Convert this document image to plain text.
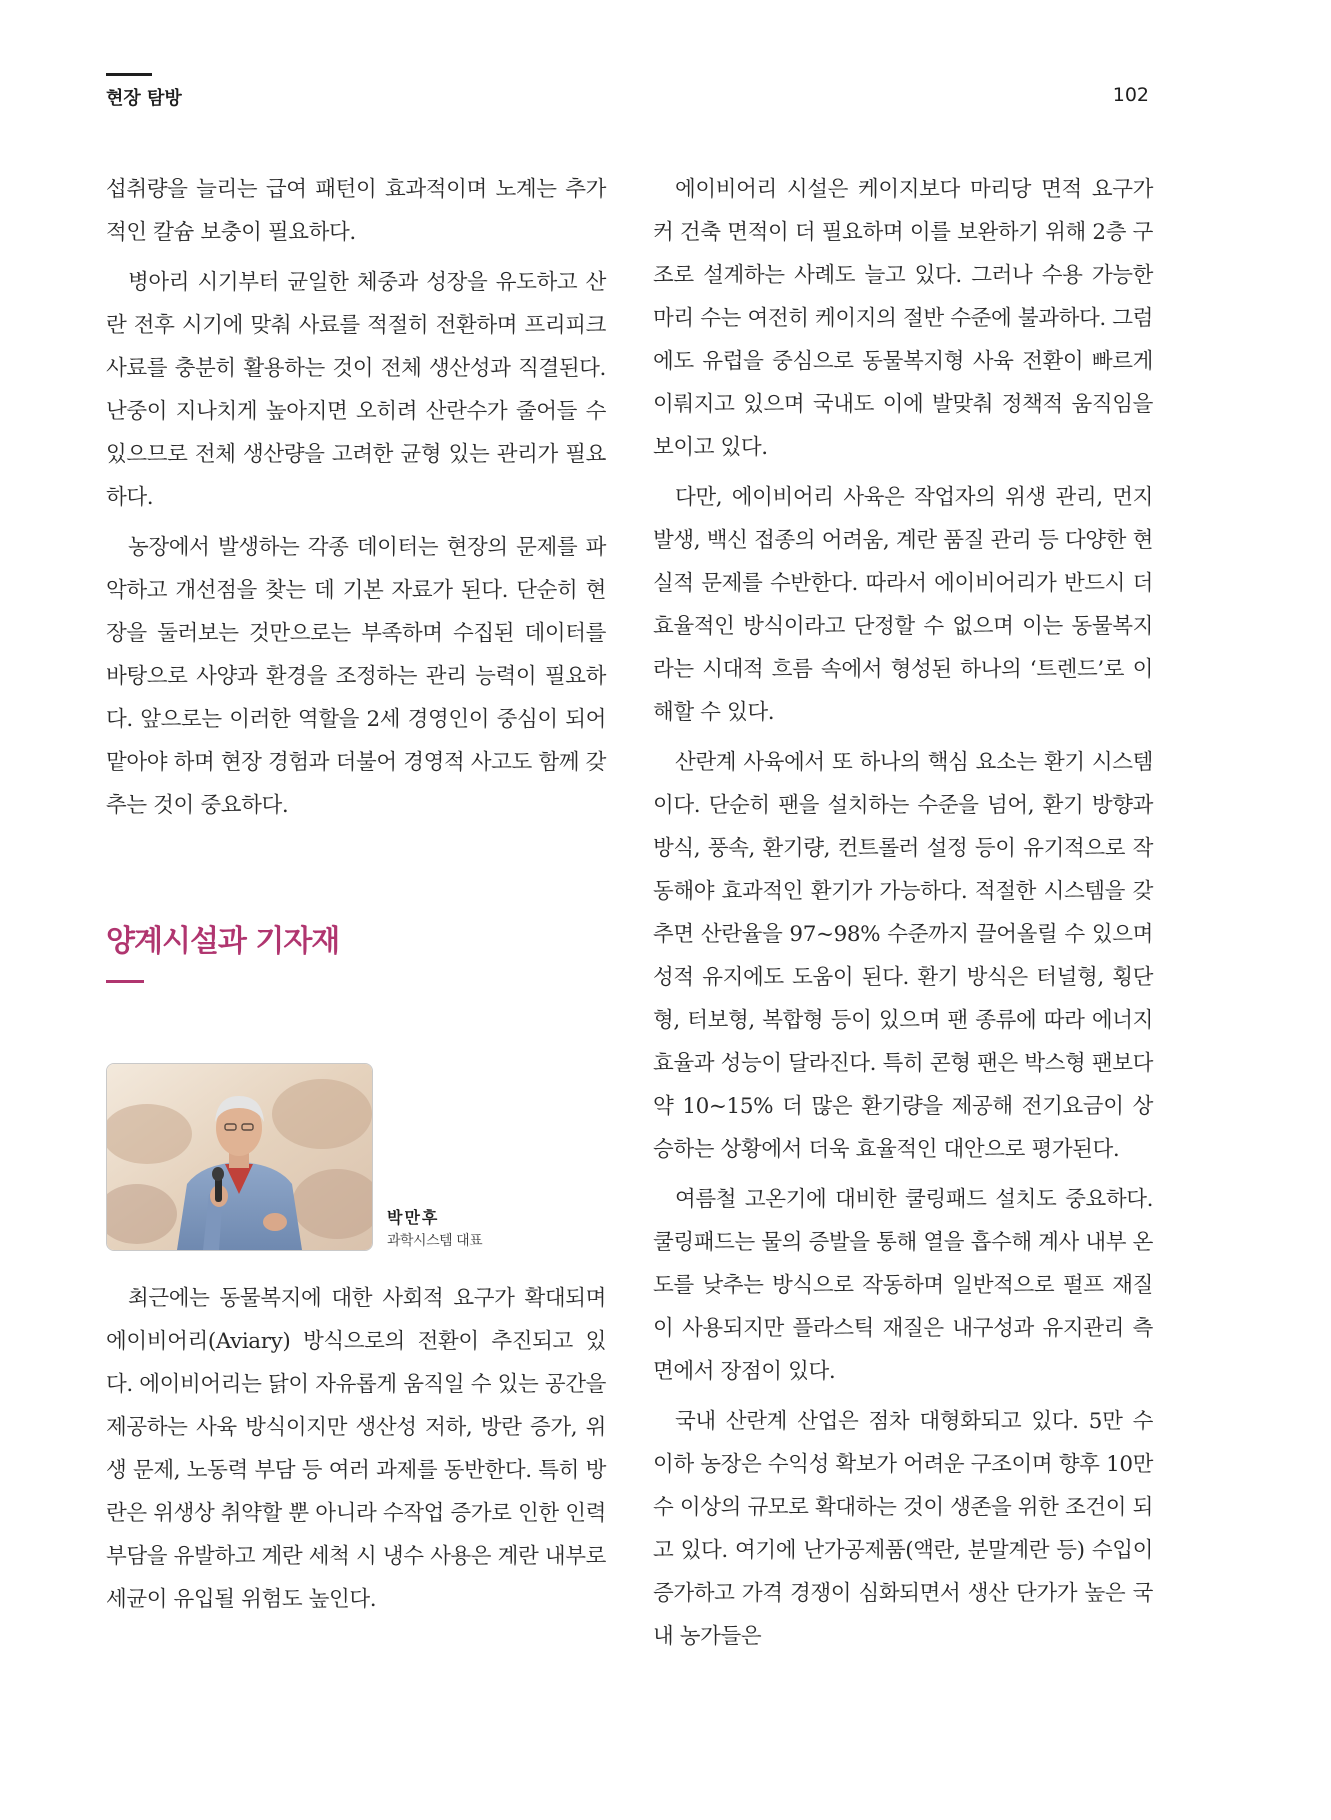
현장 탐방	102

섭취량을 늘리는 급여 패턴이 효과적이며 노계는 추가적인 칼슘 보충이 필요하다.

병아리 시기부터 균일한 체중과 성장을 유도하고 산란 전후 시기에 맞춰 사료를 적절히 전환하며 프리피크 사료를 충분히 활용하는 것이 전체 생산성과 직결된다. 난중이 지나치게 높아지면 오히려 산란수가 줄어들 수 있으므로 전체 생산량을 고려한 균형 있는 관리가 필요하다.

농장에서 발생하는 각종 데이터는 현장의 문제를 파악하고 개선점을 찾는 데 기본 자료가 된다. 단순히 현장을 둘러보는 것만으로는 부족하며 수집된 데이터를 바탕으로 사양과 환경을 조정하는 관리 능력이 필요하다. 앞으로는 이러한 역할을 2세 경영인이 중심이 되어 맡아야 하며 현장 경험과 더불어 경영적 사고도 함께 갖추는 것이 중요하다.

양계시설과 기자재
박만후
과학시스템 대표

최근에는 동물복지에 대한 사회적 요구가 확대되며 에이비어리(Aviary) 방식으로의 전환이 추진되고 있다. 에이비어리는 닭이 자유롭게 움직일 수 있는 공간을 제공하는 사육 방식이지만 생산성 저하, 방란 증가, 위생 문제, 노동력 부담 등 여러 과제를 동반한다. 특히 방란은 위생상 취약할 뿐 아니라 수작업 증가로 인한 인력 부담을 유발하고 계란 세척 시 냉수 사용은 계란 내부로 세균이 유입될 위험도 높인다.

에이비어리 시설은 케이지보다 마리당 면적 요구가 커 건축 면적이 더 필요하며 이를 보완하기 위해 2층 구조로 설계하는 사례도 늘고 있다. 그러나 수용 가능한 마리 수는 여전히 케이지의 절반 수준에 불과하다. 그럼에도 유럽을 중심으로 동물복지형 사육 전환이 빠르게 이뤄지고 있으며 국내도 이에 발맞춰 정책적 움직임을 보이고 있다.

다만, 에이비어리 사육은 작업자의 위생 관리, 먼지 발생, 백신 접종의 어려움, 계란 품질 관리 등 다양한 현실적 문제를 수반한다. 따라서 에이비어리가 반드시 더 효율적인 방식이라고 단정할 수 없으며 이는 동물복지라는 시대적 흐름 속에서 형성된 하나의 ‘트렌드’로 이해할 수 있다.

산란계 사육에서 또 하나의 핵심 요소는 환기 시스템이다. 단순히 팬을 설치하는 수준을 넘어, 환기 방향과 방식, 풍속, 환기량, 컨트롤러 설정 등이 유기적으로 작동해야 효과적인 환기가 가능하다. 적절한 시스템을 갖추면 산란율을 97~98% 수준까지 끌어올릴 수 있으며 성적 유지에도 도움이 된다. 환기 방식은 터널형, 횡단형, 터보형, 복합형 등이 있으며 팬 종류에 따라 에너지 효율과 성능이 달라진다. 특히 콘형 팬은 박스형 팬보다 약 10~15% 더 많은 환기량을 제공해 전기요금이 상승하는 상황에서 더욱 효율적인 대안으로 평가된다.

여름철 고온기에 대비한 쿨링패드 설치도 중요하다. 쿨링패드는 물의 증발을 통해 열을 흡수해 계사 내부 온도를 낮추는 방식으로 작동하며 일반적으로 펄프 재질이 사용되지만 플라스틱 재질은 내구성과 유지관리 측면에서 장점이 있다.

국내 산란계 산업은 점차 대형화되고 있다. 5만 수 이하 농장은 수익성 확보가 어려운 구조이며 향후 10만 수 이상의 규모로 확대하는 것이 생존을 위한 조건이 되고 있다. 여기에 난가공제품(액란, 분말계란 등) 수입이 증가하고 가격 경쟁이 심화되면서 생산 단가가 높은 국내 농가들은
